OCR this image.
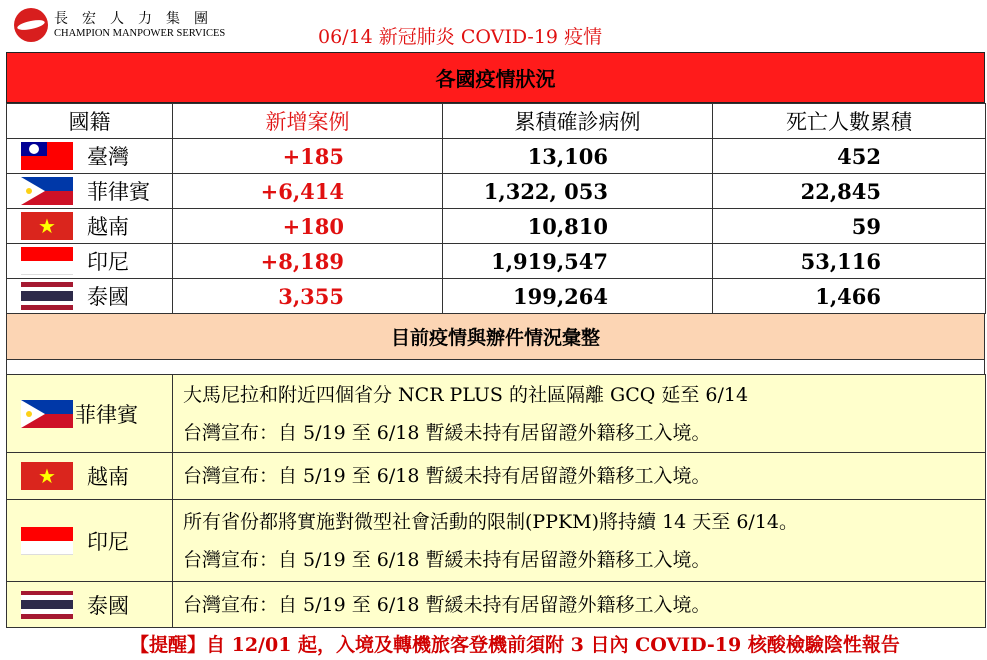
長宏人力集團
CHAMPION MANPOWER SERVICES	06/14 新冠肺炎 COVID-19 疫情
各國疫情狀況
國籍	新增案例	累積確診病例	死亡人數累積

臺灣	+185	13,106	452

菲律賓	+6,414	1,322, 053	22,845

★ 越南	+180	10,810	59

印尼	+8,189	1,919,547	53,116

泰國	3,355	199,264	1,466
目前疫情與辦件情況彙整
菲律賓	大馬尼拉和附近四個省分 NCR PLUS 的社區隔離 GCQ 延至 6/14
台灣宣布：自 5/19 至 6/18 暫緩未持有居留證外籍移工入境。

★ 越南	台灣宣布：自 5/19 至 6/18 暫緩未持有居留證外籍移工入境。

印尼	所有省份都將實施對微型社會活動的限制(PPKM)將持續 14 天至 6/14。
台灣宣布：自 5/19 至 6/18 暫緩未持有居留證外籍移工入境。

泰國	台灣宣布：自 5/19 至 6/18 暫緩未持有居留證外籍移工入境。
【提醒】自 12/01 起，入境及轉機旅客登機前須附 3 日內 COVID-19 核酸檢驗陰性報告
